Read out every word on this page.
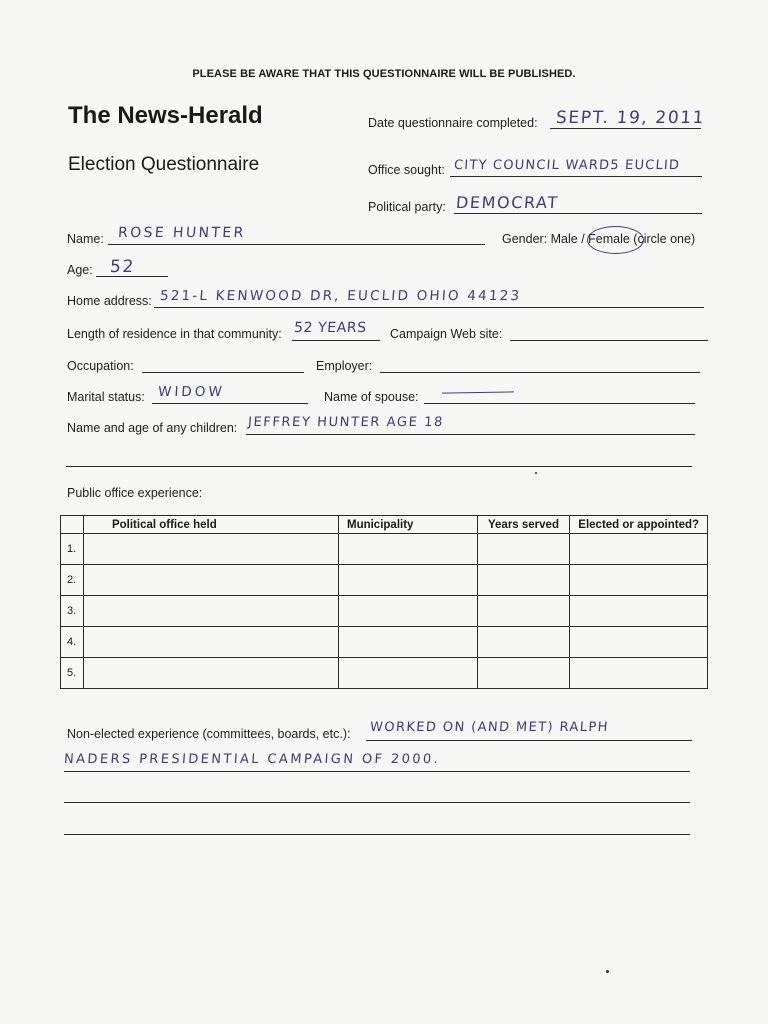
PLEASE BE AWARE THAT THIS QUESTIONNAIRE WILL BE PUBLISHED.
The News-Herald
Election Questionnaire
Date questionnaire completed: SEPT. 19, 2011
Office sought: CITY COUNCIL WARD5 EUCLID
Political party: DEMOCRAT
Name: ROSE HUNTER	Gender: Male / Female (circle one)
Age: 52
Home address: 521-L KENWOOD DR, EUCLID OHIO 44123
Length of residence in that community: 52 YEARS Campaign Web site:
Occupation:	Employer:
Marital status: WIDOW	Name of spouse:
Name and age of any children: JEFFREY HUNTER AGE 18
Public office experience:
	Political office held	Municipality	Years served	Elected or appointed?
1.				
2.				
3.				
4.				
5.				
Non-elected experience (committees, boards, etc.): WORKED ON (AND MET) RALPH
NADERS PRESIDENTIAL CAMPAIGN OF 2000.
